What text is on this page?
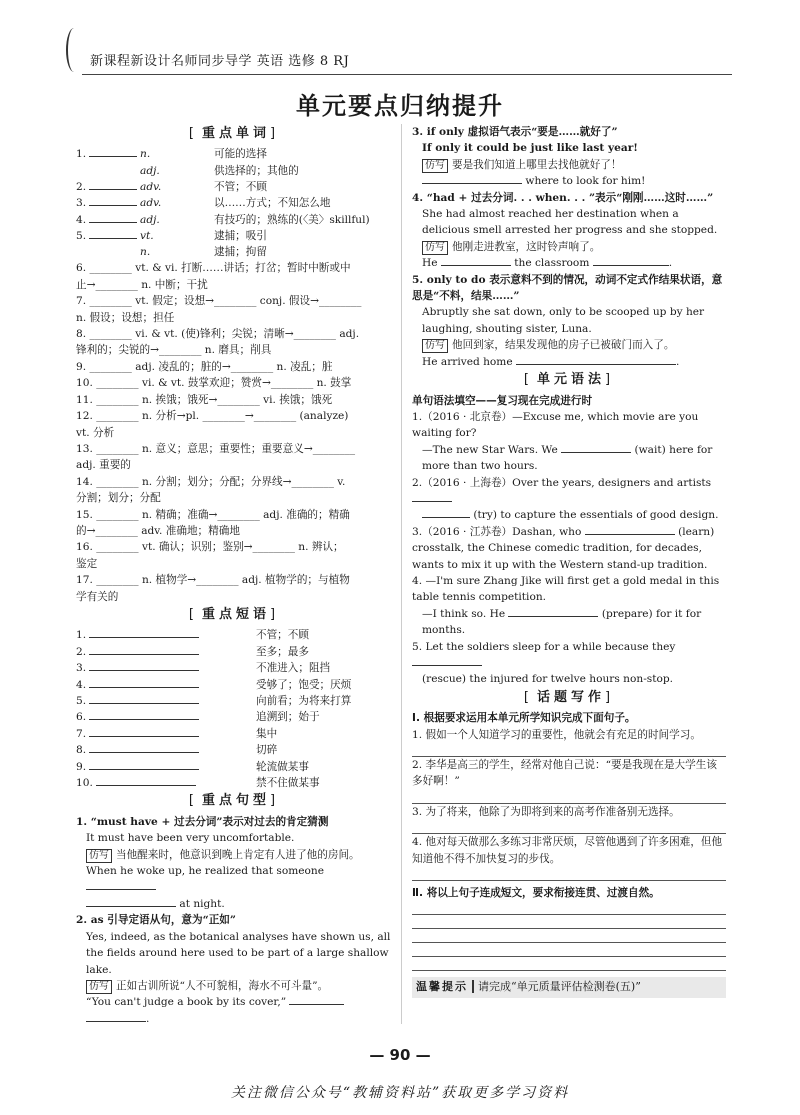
新课程新设计名师同步导学 英语 选修 8 RJ
单元要点归纳提升
[ 重点单词 ]
1.	n.	可能的选择
adj.	供选择的；其他的
2.	adv.	不管；不顾
3.	adv.	以……方式；不知怎么地
4.	adj.	有技巧的；熟练的(〈美〉skillful)
5.	vt.	逮捕；吸引
n.	逮捕；拘留
6. ________ vt. & vi. 打断……讲话；打岔；暂时中断或中
止→________ n. 中断；干扰
7. ________ vt. 假定；设想→________ conj. 假设→________
n. 假设；设想；担任
8. ________ vi. & vt. (使)锋利；尖锐；清晰→________ adj.
锋利的；尖锐的→________ n. 磨具；削具
9. ________ adj. 凌乱的；脏的→________ n. 凌乱；脏
10. ________ vi. & vt. 鼓掌欢迎；赞赏→________ n. 鼓掌
11. ________ n. 挨饿；饿死→________ vi. 挨饿；饿死
12. ________ n. 分析→pl. ________→________ (analyze)
vt. 分析
13. ________ n. 意义；意思；重要性；重要意义→________
adj. 重要的
14. ________ n. 分割；划分；分配；分界线→________ v.
分割；划分；分配
15. ________ n. 精确；准确→________ adj. 准确的；精确
的→________ adv. 准确地；精确地
16. ________ vt. 确认；识别；鉴别→________ n. 辨认；
鉴定
17. ________ n. 植物学→________ adj. 植物学的；与植物
学有关的
[ 重点短语 ]
1.	不管；不顾
2.	至多；最多
3.	不准进入；阻挡
4.	受够了；饱受；厌烦
5.	向前看；为将来打算
6.	追溯到；始于
7.	集中
8.	切碎
9.	轮流做某事
10.	禁不住做某事
[ 重点句型 ]
1. “must have + 过去分词”表示对过去的肯定猜测
It must have been very uncomfortable.
仿写 当他醒来时，他意识到晚上肯定有人进了他的房间。
When he woke up, he realized that someone
at night.
2. as 引导定语从句，意为“正如”
Yes, indeed, as the botanical analyses have shown us, all the fields around here used to be part of a large shallow lake.
仿写 正如古训所说“人不可貌相，海水不可斗量”。
“You can't judge a book by its cover,”
.
3. if only 虚拟语气表示“要是……就好了”
If only it could be just like last year!
仿写 要是我们知道上哪里去找他就好了！
where to look for him!
4. “had + 过去分词. . . when. . . ”表示“刚刚……这时……”
She had almost reached her destination when a delicious smell arrested her progress and she stopped.
仿写 他刚走进教室，这时铃声响了。
He	the classroom	.
5. only to do 表示意料不到的情况，动词不定式作结果状语，意思是“不料，结果……”
Abruptly she sat down, only to be scooped up by her laughing, shouting sister, Luna.
仿写 他回到家，结果发现他的房子已被破门而入了。
He arrived home	.
[ 单元语法 ]
单句语法填空——复习现在完成进行时
1.（2016 · 北京卷）—Excuse me, which movie are you waiting for?
—The new Star Wars. We	(wait) here for more than two hours.
2.（2016 · 上海卷）Over the years, designers and artists
(try) to capture the essentials of good design.
3.（2016 · 江苏卷）Dashan, who	(learn) crosstalk, the Chinese comedic tradition, for decades, wants to mix it up with the Western stand-up tradition.
4. —I'm sure Zhang Jike will first get a gold medal in this table tennis competition.
—I think so. He	(prepare) for it for months.
5. Let the soldiers sleep for a while because they
(rescue) the injured for twelve hours non-stop.
[ 话题写作 ]
Ⅰ. 根据要求运用本单元所学知识完成下面句子。
1. 假如一个人知道学习的重要性，他就会有充足的时间学习。
2. 李华是高三的学生，经常对他自己说：“要是我现在是大学生该多好啊！”
3. 为了将来，他除了为即将到来的高考作准备别无选择。
4. 他对每天做那么多练习非常厌烦，尽管他遇到了许多困难，但他知道他不得不加快复习的步伐。
Ⅱ. 将以上句子连成短文，要求衔接连贯、过渡自然。
温馨提示 请完成“单元质量评估检测卷(五)”
— 90 —
关注微信公众号“教辅资料站”获取更多学习资料
